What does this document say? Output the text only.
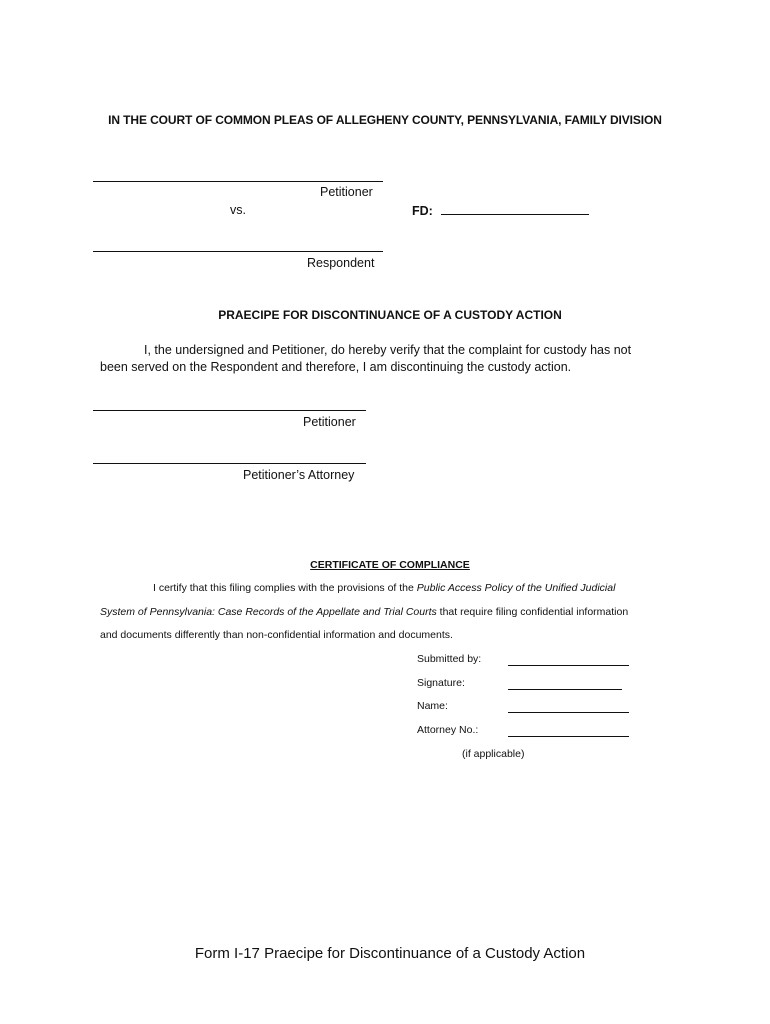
IN THE COURT OF COMMON PLEAS OF ALLEGHENY COUNTY, PENNSYLVANIA, FAMILY DIVISION
Petitioner
vs.	FD:
Respondent
PRAECIPE FOR DISCONTINUANCE OF A CUSTODY ACTION
I, the undersigned and Petitioner, do hereby verify that the complaint for custody has not
been served on the Respondent and therefore, I am discontinuing the custody action.
Petitioner
Petitioner’s Attorney
CERTIFICATE OF COMPLIANCE
I certify that this filing complies with the provisions of the Public Access Policy of the Unified Judicial
System of Pennsylvania: Case Records of the Appellate and Trial Courts that require filing confidential information
and documents differently than non-confidential information and documents.
Submitted by:
Signature:
Name:
Attorney No.:
(if applicable)
Form I-17 Praecipe for Discontinuance of a Custody Action
